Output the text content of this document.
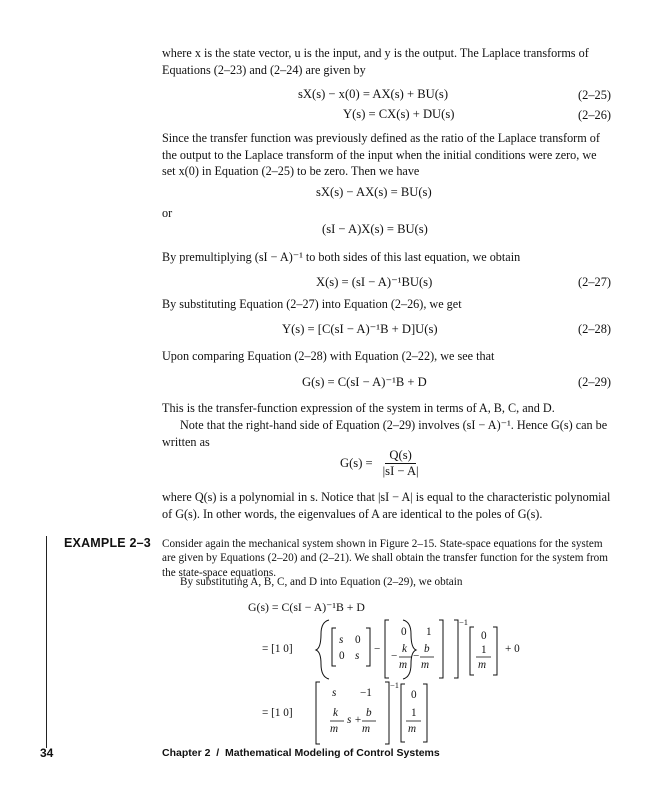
where x is the state vector, u is the input, and y is the output. The Laplace transforms of Equations (2–23) and (2–24) are given by
sX(s) − x(0) = AX(s) + BU(s)	(2–25)
Y(s) = CX(s) + DU(s)	(2–26)
Since the transfer function was previously defined as the ratio of the Laplace transform of the output to the Laplace transform of the input when the initial conditions were zero, we set x(0) in Equation (2–25) to be zero. Then we have
sX(s) − AX(s) = BU(s)
or
(sI − A)X(s) = BU(s)
By premultiplying (sI − A)⁻¹ to both sides of this last equation, we obtain
X(s) = (sI − A)⁻¹BU(s)	(2–27)
By substituting Equation (2–27) into Equation (2–26), we get
Y(s) = [C(sI − A)⁻¹B + D]U(s)	(2–28)
Upon comparing Equation (2–28) with Equation (2–22), we see that
G(s) = C(sI − A)⁻¹B + D	(2–29)
This is the transfer-function expression of the system in terms of A, B, C, and D.
Note that the right-hand side of Equation (2–29) involves (sI − A)⁻¹. Hence G(s) can be written as
$G(s) = \frac{Q(s)}{|sI - A|}$
where Q(s) is a polynomial in s. Notice that |sI − A| is equal to the characteristic polynomial of G(s). In other words, the eigenvalues of A are identical to the poles of G(s).
EXAMPLE 2–3 Consider again the mechanical system shown in Figure 2–15. State-space equations for the system are given by Equations (2–20) and (2–21). We shall obtain the transfer function for the system from the state-space equations.
By substituting A, B, C, and D into Equation (2–29), we obtain
G(s) = C(sI − A)⁻¹B + D
= [1 0]
s 0
0 s
−
0 1
−
k
m
−
b
m
−1
0
1
m
+ 0
= [1 0]
s −1
k
m
s +
b
m
−1
0
1
m
34	Chapter 2  /  Mathematical Modeling of Control Systems
